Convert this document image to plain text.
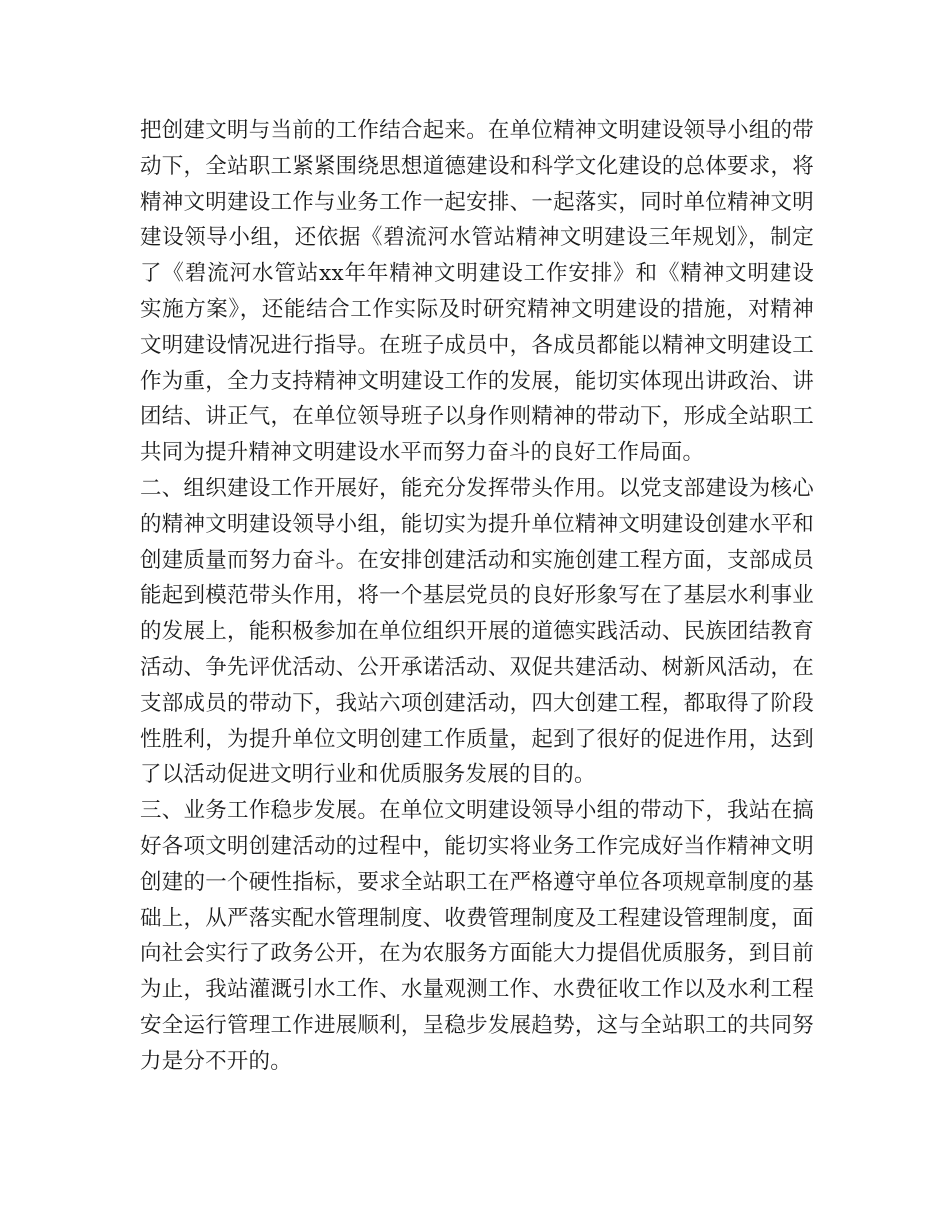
把创建文明与当前的工作结合起来。在单位精神文明建设领导小组的带动下，全站职工紧紧围绕思想道德建设和科学文化建设的总体要求，将精神文明建设工作与业务工作一起安排、一起落实，同时单位精神文明建设领导小组，还依据《碧流河水管站精神文明建设三年规划》，制定了《碧流河水管站xx年年精神文明建设工作安排》和《精神文明建设实施方案》，还能结合工作实际及时研究精神文明建设的措施，对精神文明建设情况进行指导。在班子成员中，各成员都能以精神文明建设工作为重，全力支持精神文明建设工作的发展，能切实体现出讲政治、讲团结、讲正气，在单位领导班子以身作则精神的带动下，形成全站职工共同为提升精神文明建设水平而努力奋斗的良好工作局面。

二、组织建设工作开展好，能充分发挥带头作用。以党支部建设为核心的精神文明建设领导小组，能切实为提升单位精神文明建设创建水平和创建质量而努力奋斗。在安排创建活动和实施创建工程方面，支部成员能起到模范带头作用，将一个基层党员的良好形象写在了基层水利事业的发展上，能积极参加在单位组织开展的道德实践活动、民族团结教育活动、争先评优活动、公开承诺活动、双促共建活动、树新风活动，在支部成员的带动下，我站六项创建活动，四大创建工程，都取得了阶段性胜利，为提升单位文明创建工作质量，起到了很好的促进作用，达到了以活动促进文明行业和优质服务发展的目的。

三、业务工作稳步发展。在单位文明建设领导小组的带动下，我站在搞好各项文明创建活动的过程中，能切实将业务工作完成好当作精神文明创建的一个硬性指标，要求全站职工在严格遵守单位各项规章制度的基础上，从严落实配水管理制度、收费管理制度及工程建设管理制度，面向社会实行了政务公开，在为农服务方面能大力提倡优质服务，到目前为止，我站灌溉引水工作、水量观测工作、水费征收工作以及水利工程安全运行管理工作进展顺利，呈稳步发展趋势，这与全站职工的共同努力是分不开的。
